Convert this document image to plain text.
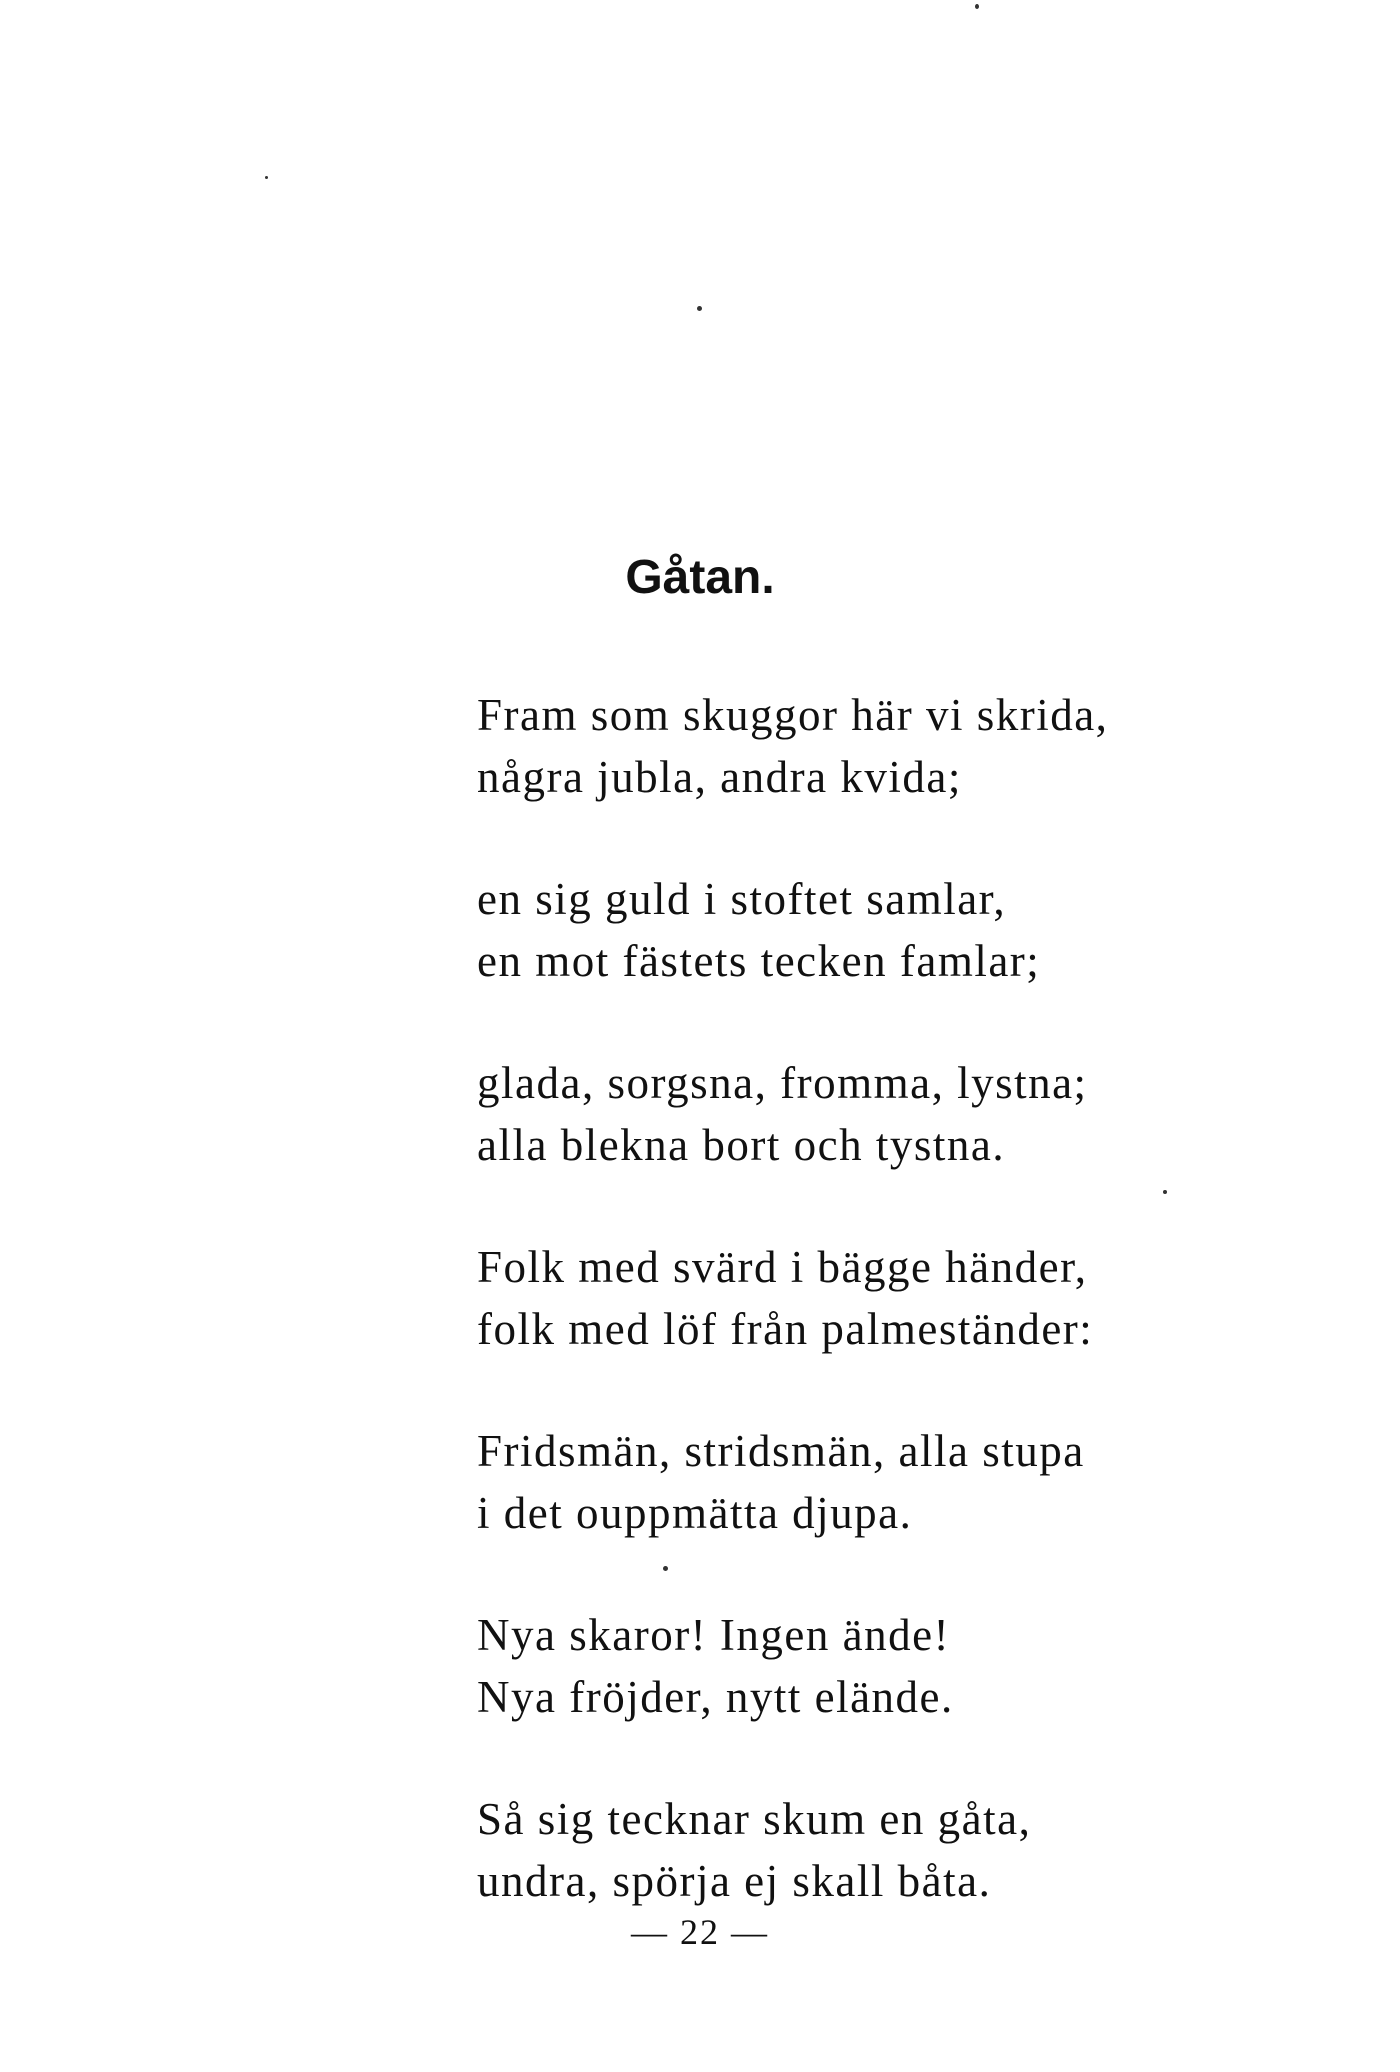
Gåtan.
Fram som skuggor här vi skrida,
några jubla, andra kvida;
en sig guld i stoftet samlar,
en mot fästets tecken famlar;
glada, sorgsna, fromma, lystna;
alla blekna bort och tystna.
Folk med svärd i bägge händer,
folk med löf från palmeständer:
Fridsmän, stridsmän, alla stupa
i det ouppmätta djupa.
Nya skaror! Ingen ände!
Nya fröjder, nytt elände.
Så sig tecknar skum en gåta,
undra, spörja ej skall båta.
— 22 —
